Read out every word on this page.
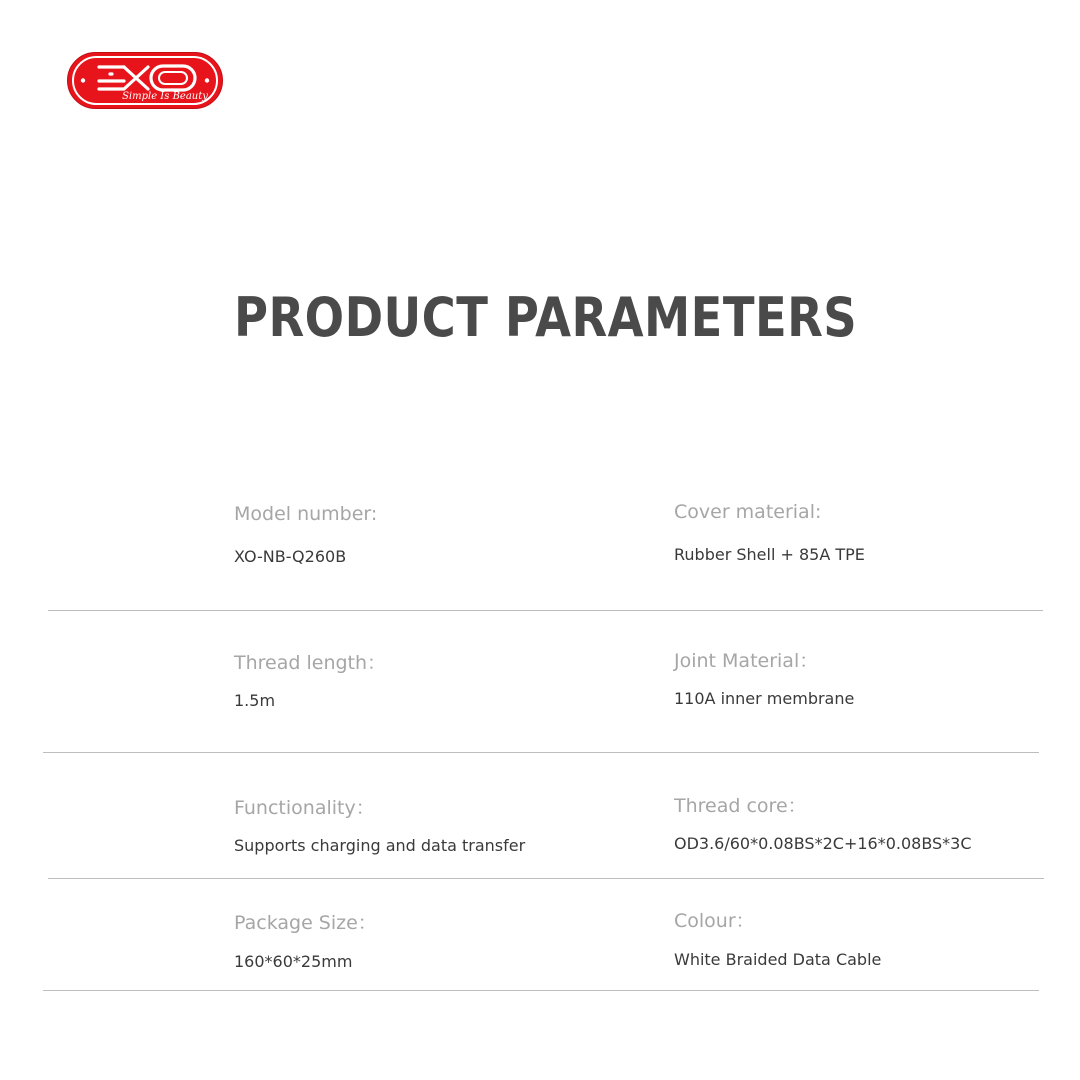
Simple Is Beauty
PRODUCT PARAMETERS
Model number:
XO-NB-Q260B
Cover material:
Rubber Shell + 85A TPE
Thread length：
1.5m
Joint Material：
110A inner membrane
Functionality：
Supports charging and data transfer
Thread core：
OD3.6/60*0.08BS*2C+16*0.08BS*3C
Package Size：
160*60*25mm
Colour：
White Braided Data Cable
